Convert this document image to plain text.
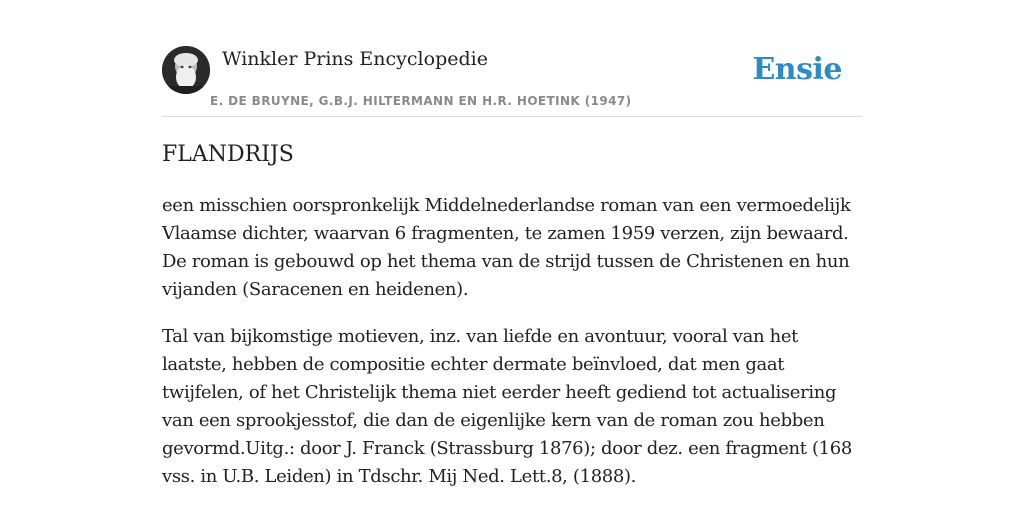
Winkler Prins Encyclopedie
E. DE BRUYNE, G.B.J. HILTERMANN EN H.R. HOETINK (1947)
Ensie
FLANDRIJS

een misschien oorspronkelijk Middelnederlandse roman van een vermoedelijk Vlaamse dichter, waarvan 6 fragmenten, te zamen 1959 verzen, zijn bewaard. De roman is gebouwd op het thema van de strijd tussen de Christenen en hun vijanden (Saracenen en heidenen).

Tal van bijkomstige motieven, inz. van liefde en avontuur, vooral van het laatste, hebben de compositie echter dermate beïnvloed, dat men gaat twijfelen, of het Christelijk thema niet eerder heeft gediend tot actualisering van een sprookjesstof, die dan de eigenlijke kern van de roman zou hebben gevormd.Uitg.: door J. Franck (Strassburg 1876); door dez. een fragment (168 vss. in U.B. Leiden) in Tdschr. Mij Ned. Lett.8, (1888).
